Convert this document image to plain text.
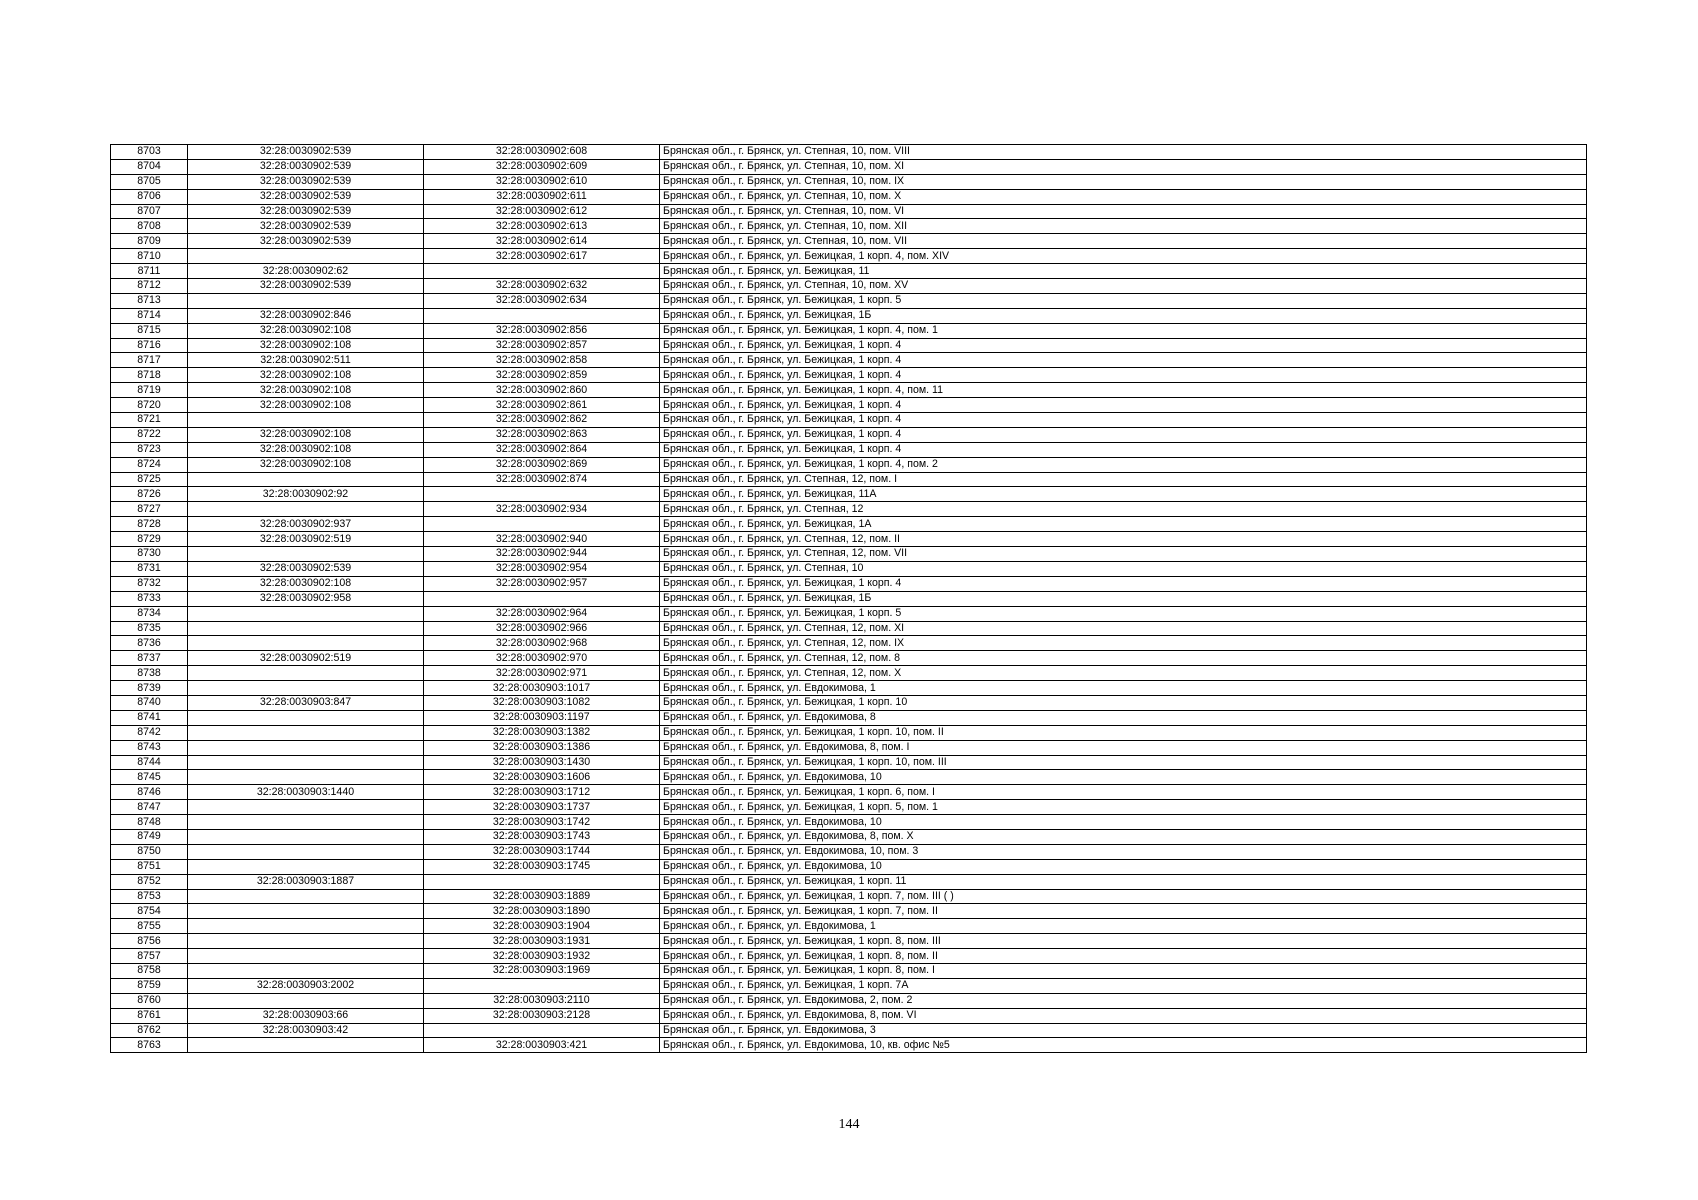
8703	32:28:0030902:539	32:28:0030902:608	Брянская обл., г. Брянск, ул. Степная, 10, пом. VIII
8704	32:28:0030902:539	32:28:0030902:609	Брянская обл., г. Брянск, ул. Степная, 10, пом. XI
8705	32:28:0030902:539	32:28:0030902:610	Брянская обл., г. Брянск, ул. Степная, 10, пом. IX
8706	32:28:0030902:539	32:28:0030902:611	Брянская обл., г. Брянск, ул. Степная, 10, пом. X
8707	32:28:0030902:539	32:28:0030902:612	Брянская обл., г. Брянск, ул. Степная, 10, пом. VI
8708	32:28:0030902:539	32:28:0030902:613	Брянская обл., г. Брянск, ул. Степная, 10, пом. XII
8709	32:28:0030902:539	32:28:0030902:614	Брянская обл., г. Брянск, ул. Степная, 10, пом. VII
8710		32:28:0030902:617	Брянская обл., г. Брянск, ул. Бежицкая, 1 корп. 4, пом. XIV
8711	32:28:0030902:62		Брянская обл., г. Брянск, ул. Бежицкая, 11
8712	32:28:0030902:539	32:28:0030902:632	Брянская обл., г. Брянск, ул. Степная, 10, пом. XV
8713		32:28:0030902:634	Брянская обл., г. Брянск, ул. Бежицкая, 1 корп. 5
8714	32:28:0030902:846		Брянская обл., г. Брянск, ул. Бежицкая, 1Б
8715	32:28:0030902:108	32:28:0030902:856	Брянская обл., г. Брянск, ул. Бежицкая, 1 корп. 4, пом. 1
8716	32:28:0030902:108	32:28:0030902:857	Брянская обл., г. Брянск, ул. Бежицкая, 1 корп. 4
8717	32:28:0030902:511	32:28:0030902:858	Брянская обл., г. Брянск, ул. Бежицкая, 1 корп. 4
8718	32:28:0030902:108	32:28:0030902:859	Брянская обл., г. Брянск, ул. Бежицкая, 1 корп. 4
8719	32:28:0030902:108	32:28:0030902:860	Брянская обл., г. Брянск, ул. Бежицкая, 1 корп. 4, пом. 11
8720	32:28:0030902:108	32:28:0030902:861	Брянская обл., г. Брянск, ул. Бежицкая, 1 корп. 4
8721		32:28:0030902:862	Брянская обл., г. Брянск, ул. Бежицкая, 1 корп. 4
8722	32:28:0030902:108	32:28:0030902:863	Брянская обл., г. Брянск, ул. Бежицкая, 1 корп. 4
8723	32:28:0030902:108	32:28:0030902:864	Брянская обл., г. Брянск, ул. Бежицкая, 1 корп. 4
8724	32:28:0030902:108	32:28:0030902:869	Брянская обл., г. Брянск, ул. Бежицкая, 1 корп. 4, пом. 2
8725		32:28:0030902:874	Брянская обл., г. Брянск, ул. Степная, 12, пом. I
8726	32:28:0030902:92		Брянская обл., г. Брянск, ул. Бежицкая, 11А
8727		32:28:0030902:934	Брянская обл., г. Брянск, ул. Степная, 12
8728	32:28:0030902:937		Брянская обл., г. Брянск, ул. Бежицкая, 1А
8729	32:28:0030902:519	32:28:0030902:940	Брянская обл., г. Брянск, ул. Степная, 12, пом. II
8730		32:28:0030902:944	Брянская обл., г. Брянск, ул. Степная, 12, пом. VII
8731	32:28:0030902:539	32:28:0030902:954	Брянская обл., г. Брянск, ул. Степная, 10
8732	32:28:0030902:108	32:28:0030902:957	Брянская обл., г. Брянск, ул. Бежицкая, 1 корп. 4
8733	32:28:0030902:958		Брянская обл., г. Брянск, ул. Бежицкая, 1Б
8734		32:28:0030902:964	Брянская обл., г. Брянск, ул. Бежицкая, 1 корп. 5
8735		32:28:0030902:966	Брянская обл., г. Брянск, ул. Степная, 12, пом. XI
8736		32:28:0030902:968	Брянская обл., г. Брянск, ул. Степная, 12, пом. IX
8737	32:28:0030902:519	32:28:0030902:970	Брянская обл., г. Брянск, ул. Степная, 12, пом. 8
8738		32:28:0030902:971	Брянская обл., г. Брянск, ул. Степная, 12, пом. X
8739		32:28:0030903:1017	Брянская обл., г. Брянск, ул. Евдокимова, 1
8740	32:28:0030903:847	32:28:0030903:1082	Брянская обл., г. Брянск, ул. Бежицкая, 1 корп. 10
8741		32:28:0030903:1197	Брянская обл., г. Брянск, ул. Евдокимова, 8
8742		32:28:0030903:1382	Брянская обл., г. Брянск, ул. Бежицкая, 1 корп. 10, пом. II
8743		32:28:0030903:1386	Брянская обл., г. Брянск, ул. Евдокимова, 8, пом. I
8744		32:28:0030903:1430	Брянская обл., г. Брянск, ул. Бежицкая, 1 корп. 10, пом. III
8745		32:28:0030903:1606	Брянская обл., г. Брянск, ул. Евдокимова, 10
8746	32:28:0030903:1440	32:28:0030903:1712	Брянская обл., г. Брянск, ул. Бежицкая, 1 корп. 6, пом. I
8747		32:28:0030903:1737	Брянская обл., г. Брянск, ул. Бежицкая, 1 корп. 5, пом. 1
8748		32:28:0030903:1742	Брянская обл., г. Брянск, ул. Евдокимова, 10
8749		32:28:0030903:1743	Брянская обл., г. Брянск, ул. Евдокимова, 8, пом. X
8750		32:28:0030903:1744	Брянская обл., г. Брянск, ул. Евдокимова, 10, пом. 3
8751		32:28:0030903:1745	Брянская обл., г. Брянск, ул. Евдокимова, 10
8752	32:28:0030903:1887		Брянская обл., г. Брянск, ул. Бежицкая, 1 корп. 11
8753		32:28:0030903:1889	Брянская обл., г. Брянск, ул. Бежицкая, 1 корп. 7, пом. III ( )
8754		32:28:0030903:1890	Брянская обл., г. Брянск, ул. Бежицкая, 1 корп. 7, пом. II
8755		32:28:0030903:1904	Брянская обл., г. Брянск, ул. Евдокимова, 1
8756		32:28:0030903:1931	Брянская обл., г. Брянск, ул. Бежицкая, 1 корп. 8, пом. III
8757		32:28:0030903:1932	Брянская обл., г. Брянск, ул. Бежицкая, 1 корп. 8, пом. II
8758		32:28:0030903:1969	Брянская обл., г. Брянск, ул. Бежицкая, 1 корп. 8, пом. I
8759	32:28:0030903:2002		Брянская обл., г. Брянск, ул. Бежицкая, 1 корп. 7А
8760		32:28:0030903:2110	Брянская обл., г. Брянск, ул. Евдокимова, 2, пом. 2
8761	32:28:0030903:66	32:28:0030903:2128	Брянская обл., г. Брянск, ул. Евдокимова, 8, пом. VI
8762	32:28:0030903:42		Брянская обл., г. Брянск, ул. Евдокимова, 3
8763		32:28:0030903:421	Брянская обл., г. Брянск, ул. Евдокимова, 10, кв. офис №5
144
